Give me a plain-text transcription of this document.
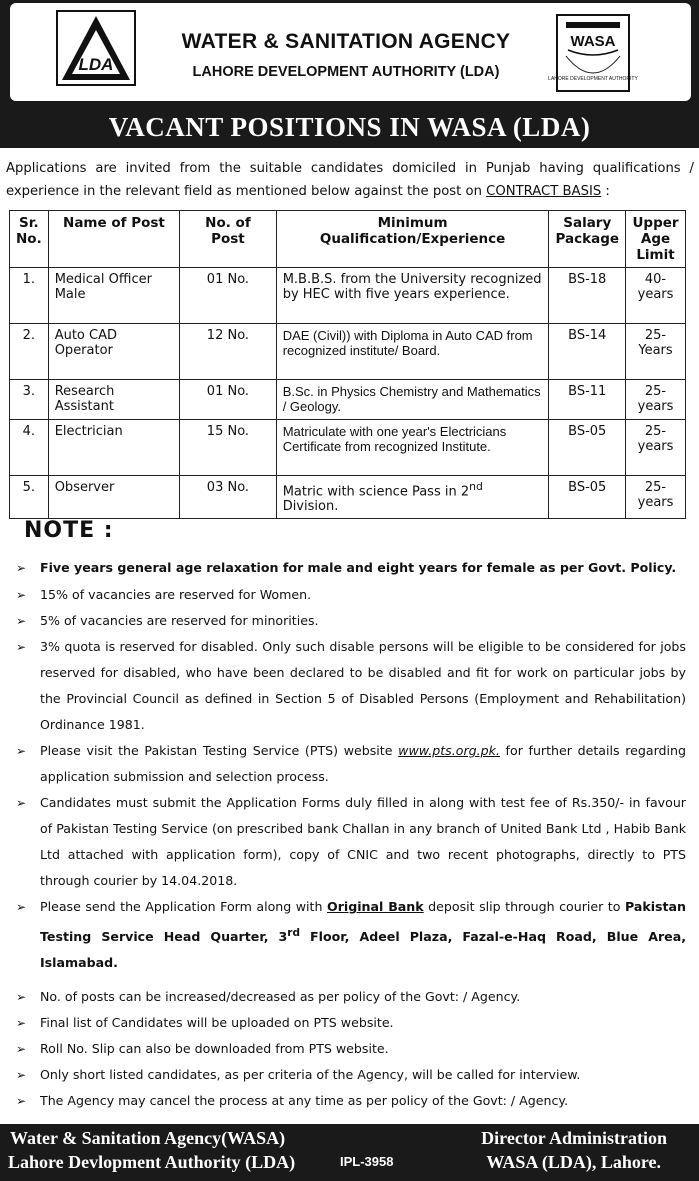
LDA
WATER & SANITATION AGENCY
LAHORE DEVELOPMENT AUTHORITY (LDA)
WASA
LAHORE DEVELOPMENT AUTHORITY
VACANT POSITIONS IN WASA (LDA)
Applications are invited from the suitable candidates domiciled in Punjab having qualifications / experience in the relevant field as mentioned below against the post on CONTRACT BASIS :
Sr. No.	Name of Post	No. of Post	Minimum Qualification/Experience	Salary Package	Upper Age Limit
1.	Medical Officer Male	01 No.	M.B.B.S. from the University recognized by HEC with five years experience.	BS-18	40-years
2.	Auto CAD Operator	12 No.	DAE (Civil)) with Diploma in Auto CAD from recognized institute/ Board.	BS-14	25-Years
3.	Research Assistant	01 No.	B.Sc. in Physics Chemistry and Mathematics / Geology.	BS-11	25-years
4.	Electrician	15 No.	Matriculate with one year's Electricians Certificate from recognized Institute.	BS-05	25-years
5.	Observer	03 No.	Matric with science Pass in 2nd Division.	BS-05	25-years
NOTE :
➢ Five years general age relaxation for male and eight years for female as per Govt. Policy.
➢ 15% of vacancies are reserved for Women.
➢ 5% of vacancies are reserved for minorities.
➢ 3% quota is reserved for disabled. Only such disable persons will be eligible to be considered for jobs reserved for disabled, who have been declared to be disabled and fit for work on particular jobs by the Provincial Council as defined in Section 5 of Disabled Persons (Employment and Rehabilitation) Ordinance 1981.
➢ Please visit the Pakistan Testing Service (PTS) website www.pts.org.pk. for further details regarding application submission and selection process.
➢ Candidates must submit the Application Forms duly filled in along with test fee of Rs.350/- in favour of Pakistan Testing Service (on prescribed bank Challan in any branch of United Bank Ltd , Habib Bank Ltd attached with application form), copy of CNIC and two recent photographs, directly to PTS through courier by 14.04.2018.
➢ Please send the Application Form along with Original Bank deposit slip through courier to Pakistan Testing Service Head Quarter, 3rd Floor, Adeel Plaza, Fazal-e-Haq Road, Blue Area, Islamabad.
➢ No. of posts can be increased/decreased as per policy of the Govt: / Agency.
➢ Final list of Candidates will be uploaded on PTS website.
➢ Roll No. Slip can also be downloaded from PTS website.
➢ Only short listed candidates, as per criteria of the Agency, will be called for interview.
➢ The Agency may cancel the process at any time as per policy of the Govt: / Agency.
Water & Sanitation Agency(WASA)
Lahore Devlopment Authority (LDA)	IPL-3958
Director Administration
WASA (LDA), Lahore.
